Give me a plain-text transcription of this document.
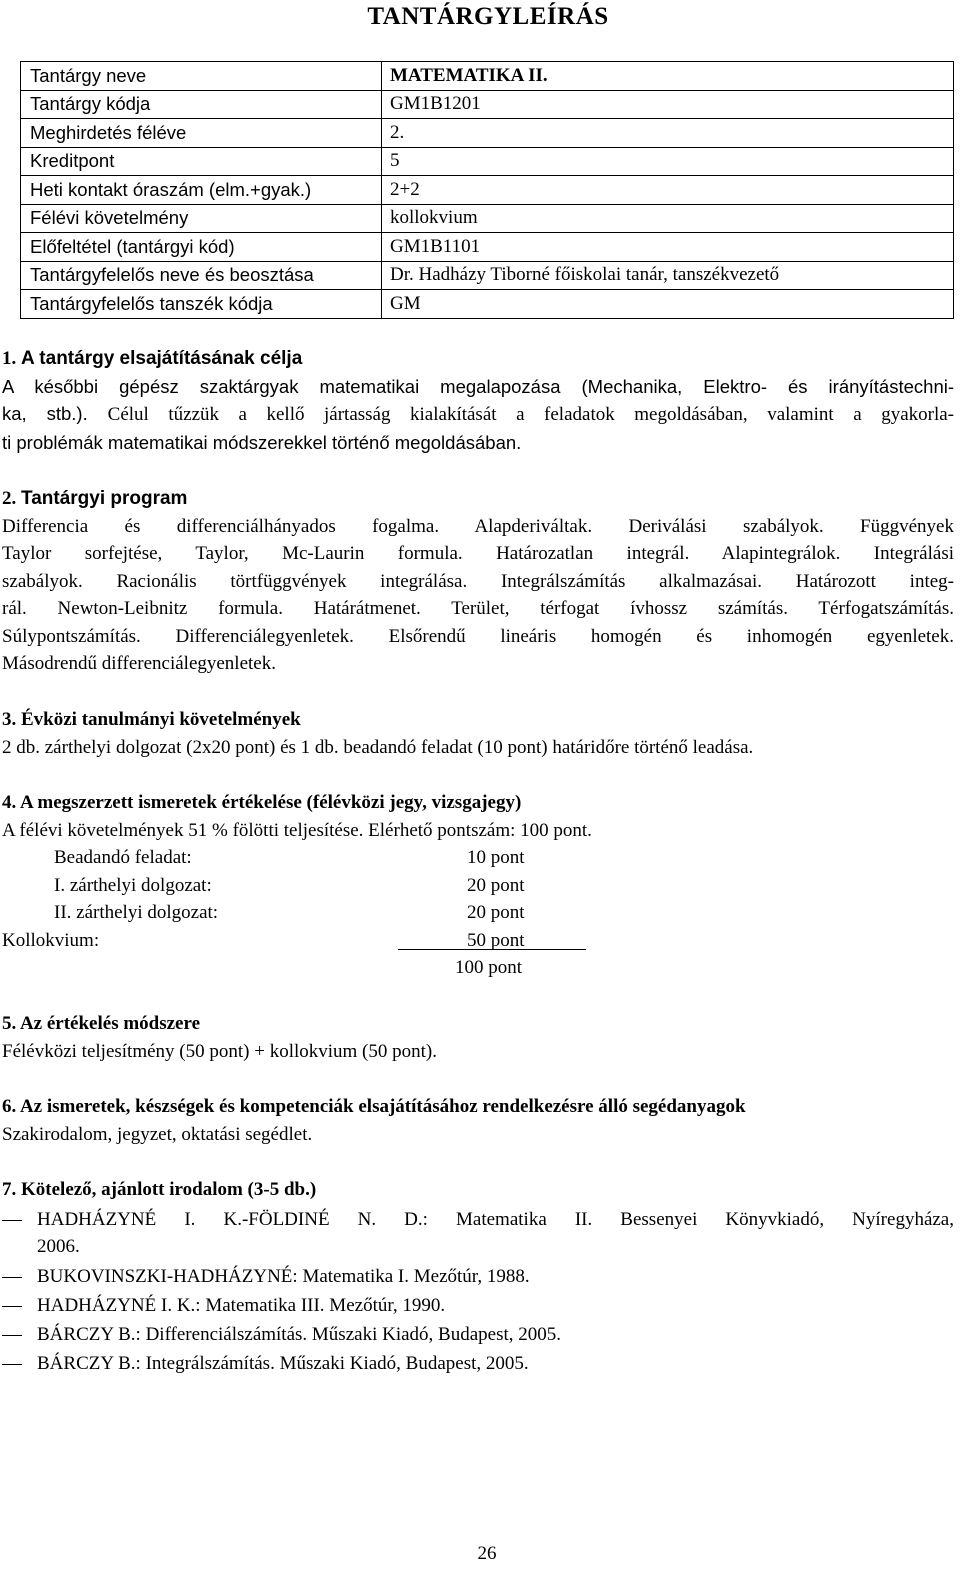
TANTÁRGYLEÍRÁS
Tantárgy neve	MATEMATIKA II.
Tantárgy kódja	GM1B1201
Meghirdetés féléve	2.
Kreditpont	5
Heti kontakt óraszám (elm.+gyak.)	2+2
Félévi követelmény	kollokvium
Előfeltétel (tantárgyi kód)	GM1B1101
Tantárgyfelelős neve és beosztása	Dr. Hadházy Tiborné főiskolai tanár, tanszékvezető
Tantárgyfelelős tanszék kódja	GM
1. A tantárgy elsajátításának célja
A későbbi gépész szaktárgyak matematikai megalapozása (Mechanika, Elektro- és irányítástechni-
ka, stb.). Célul tűzzük a kellő jártasság kialakítását a feladatok megoldásában, valamint a gyakorla-
ti problémák matematikai módszerekkel történő megoldásában.
2. Tantárgyi program
Differencia és differenciálhányados fogalma. Alapderiváltak. Deriválási szabályok. Függvények
Taylor sorfejtése, Taylor, Mc-Laurin formula. Határozatlan integrál. Alapintegrálok. Integrálási
szabályok. Racionális törtfüggvények integrálása. Integrálszámítás alkalmazásai. Határozott integ-
rál. Newton-Leibnitz formula. Határátmenet. Terület, térfogat ívhossz számítás. Térfogatszámítás.
Súlypontszámítás. Differenciálegyenletek. Elsőrendű lineáris homogén és inhomogén egyenletek.
Másodrendű differenciálegyenletek.
3. Évközi tanulmányi követelmények
2 db. zárthelyi dolgozat (2x20 pont) és 1 db. beadandó feladat (10 pont) határidőre történő leadása.
4. A megszerzett ismeretek értékelése (félévközi jegy, vizsgajegy)
A félévi követelmények 51 % fölötti teljesítése. Elérhető pontszám: 100 pont.
Beadandó feladat:	10 pont
I. zárthelyi dolgozat:	20 pont
II. zárthelyi dolgozat:	20 pont
Kollokvium:	50 pont
100 pont
5. Az értékelés módszere
Félévközi teljesítmény (50 pont) + kollokvium (50 pont).
6. Az ismeretek, készségek és kompetenciák elsajátításához rendelkezésre álló segédanyagok
Szakirodalom, jegyzet, oktatási segédlet.
7. Kötelező, ajánlott irodalom (3-5 db.)
HADHÁZYNÉ I. K.-FÖLDINÉ N. D.: Matematika II. Bessenyei Könyvkiadó, Nyíregyháza,
2006.
BUKOVINSZKI-HADHÁZYNÉ: Matematika I. Mezőtúr, 1988.
HADHÁZYNÉ I. K.: Matematika III. Mezőtúr, 1990.
BÁRCZY B.: Differenciálszámítás. Műszaki Kiadó, Budapest, 2005.
BÁRCZY B.: Integrálszámítás. Műszaki Kiadó, Budapest, 2005.
26
